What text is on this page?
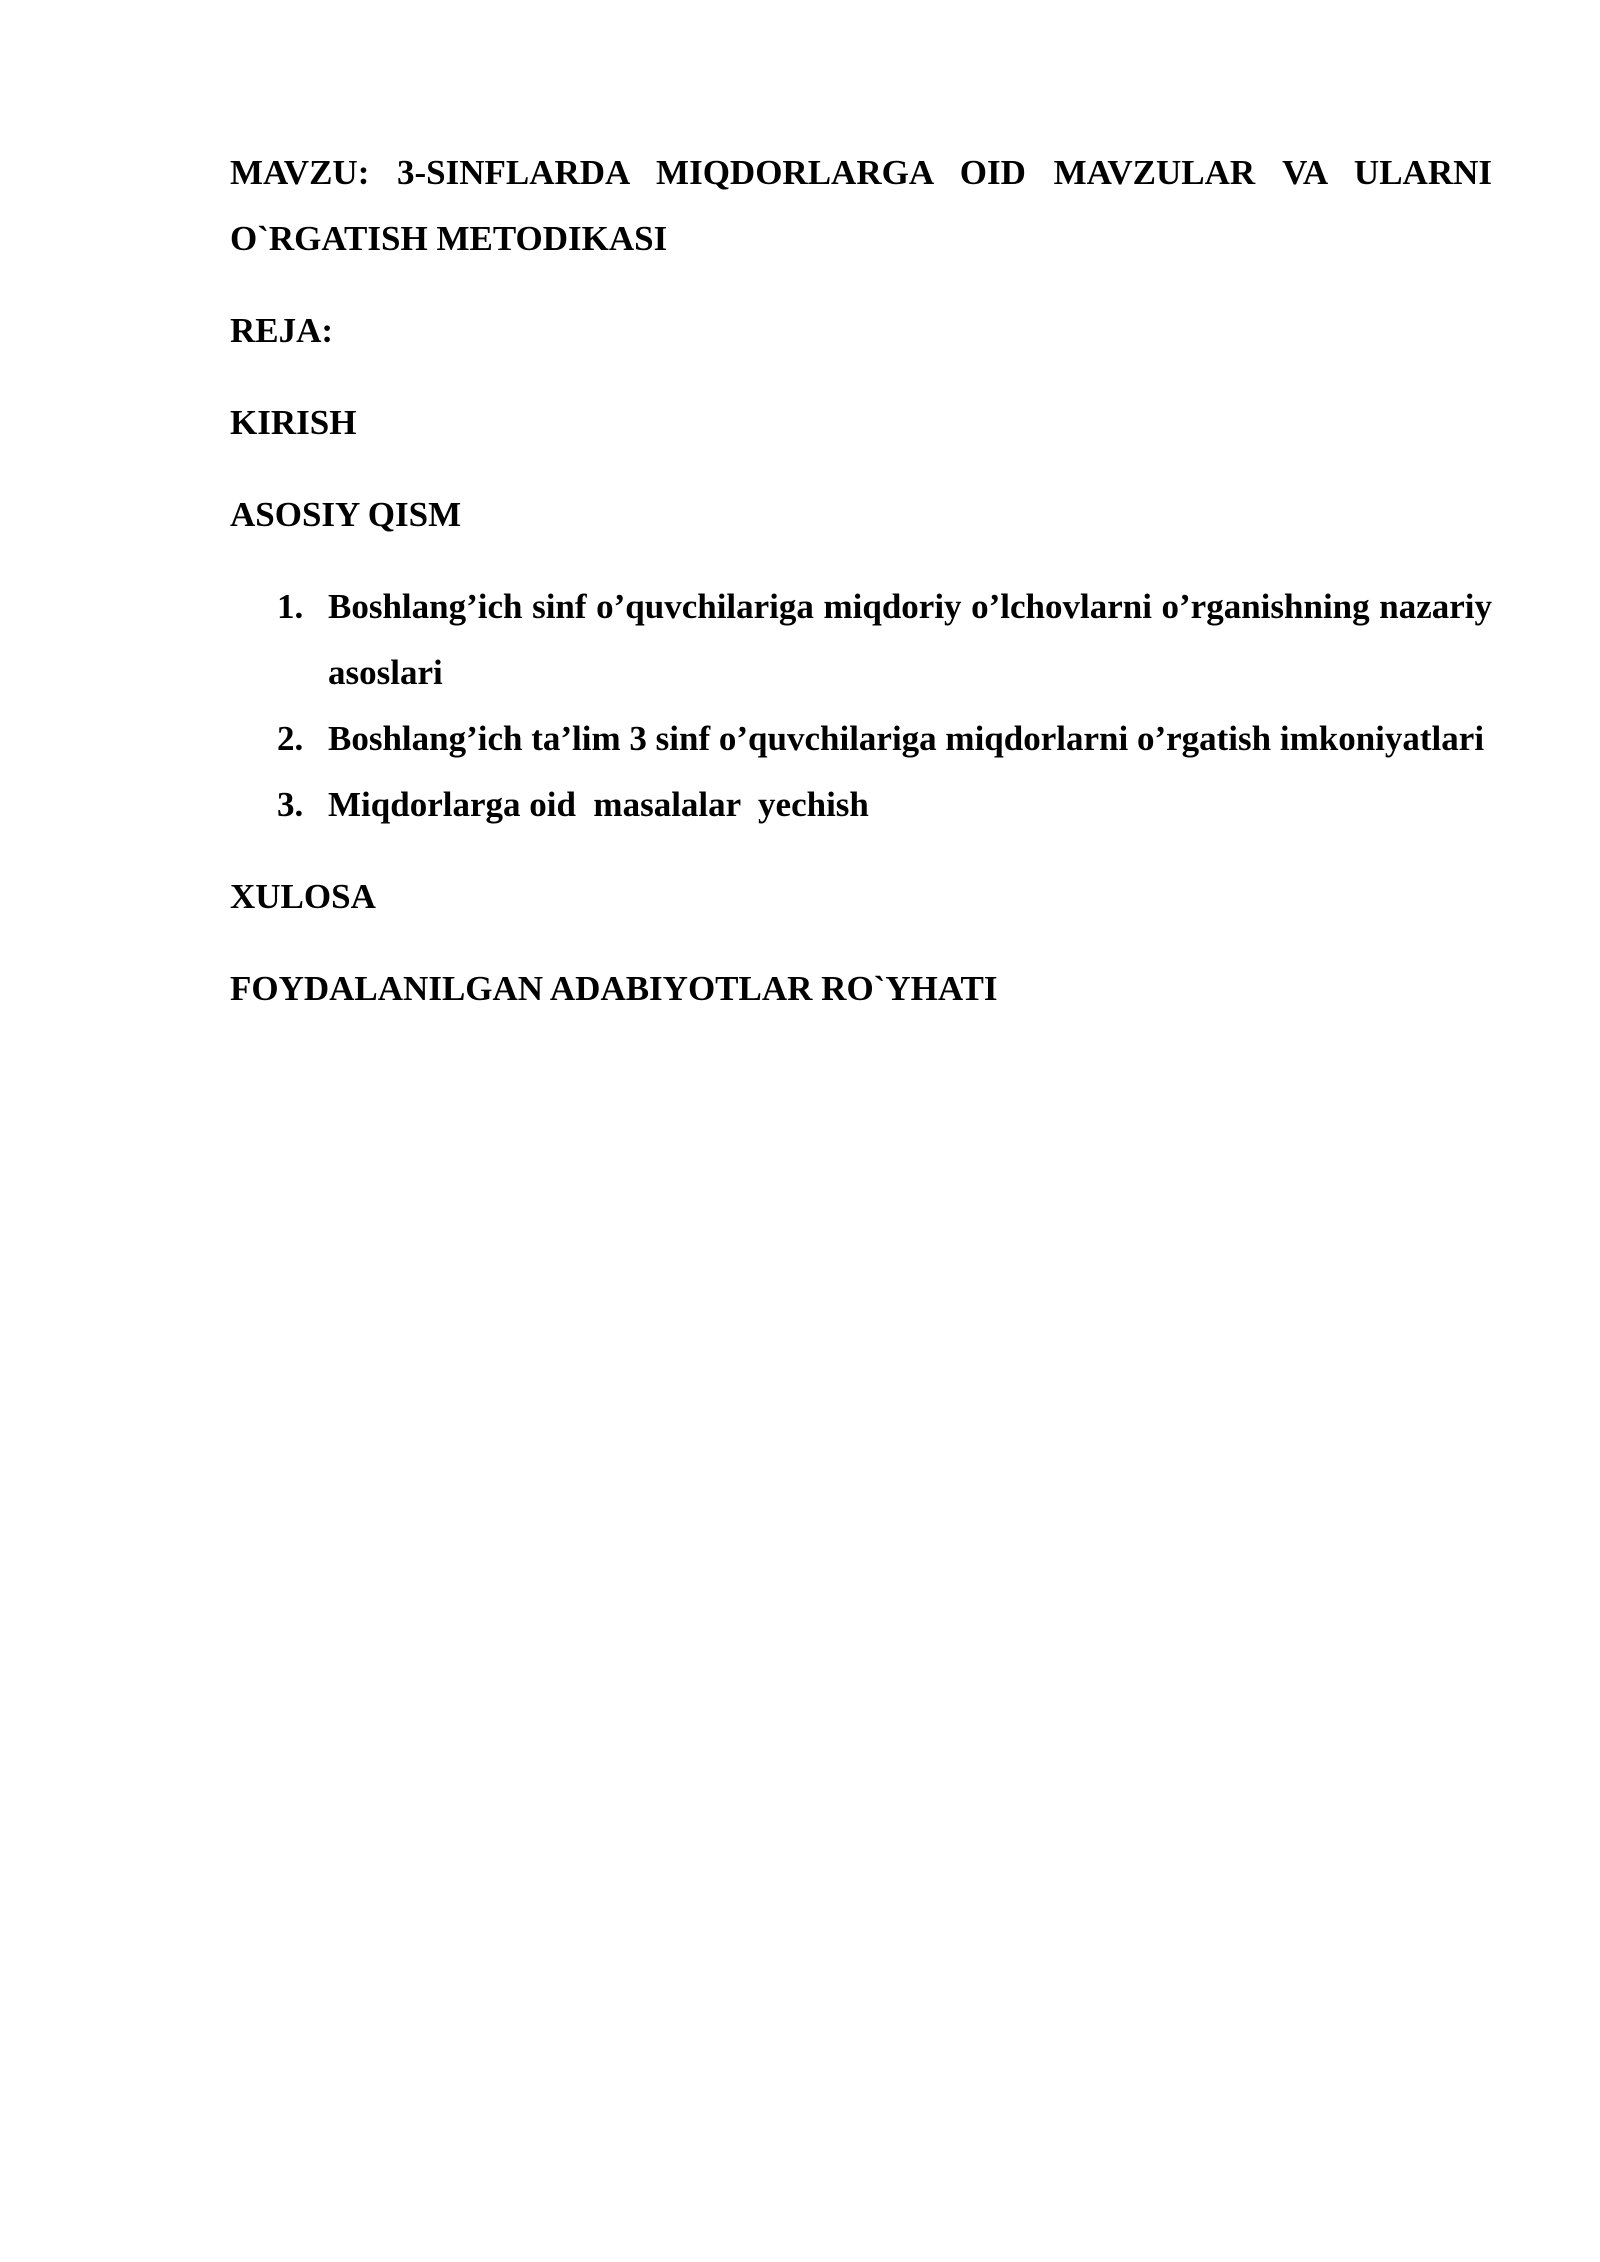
MAVZU: 3-SINFLARDA MIQDORLARGA OID MAVZULAR VA ULARNI O`RGATISH METODIKASI

REJA:

KIRISH

ASOSIY QISM

1. Boshlang’ich sinf o’quvchilariga miqdoriy o’lchovlarni o’rganishning nazariy asoslari
2. Boshlang’ich ta’lim 3 sinf o’quvchilariga miqdorlarni o’rgatish imkoniyatlari
3. Miqdorlarga oid  masalalar  yechish

XULOSA

FOYDALANILGAN ADABIYOTLAR RO`YHATI
